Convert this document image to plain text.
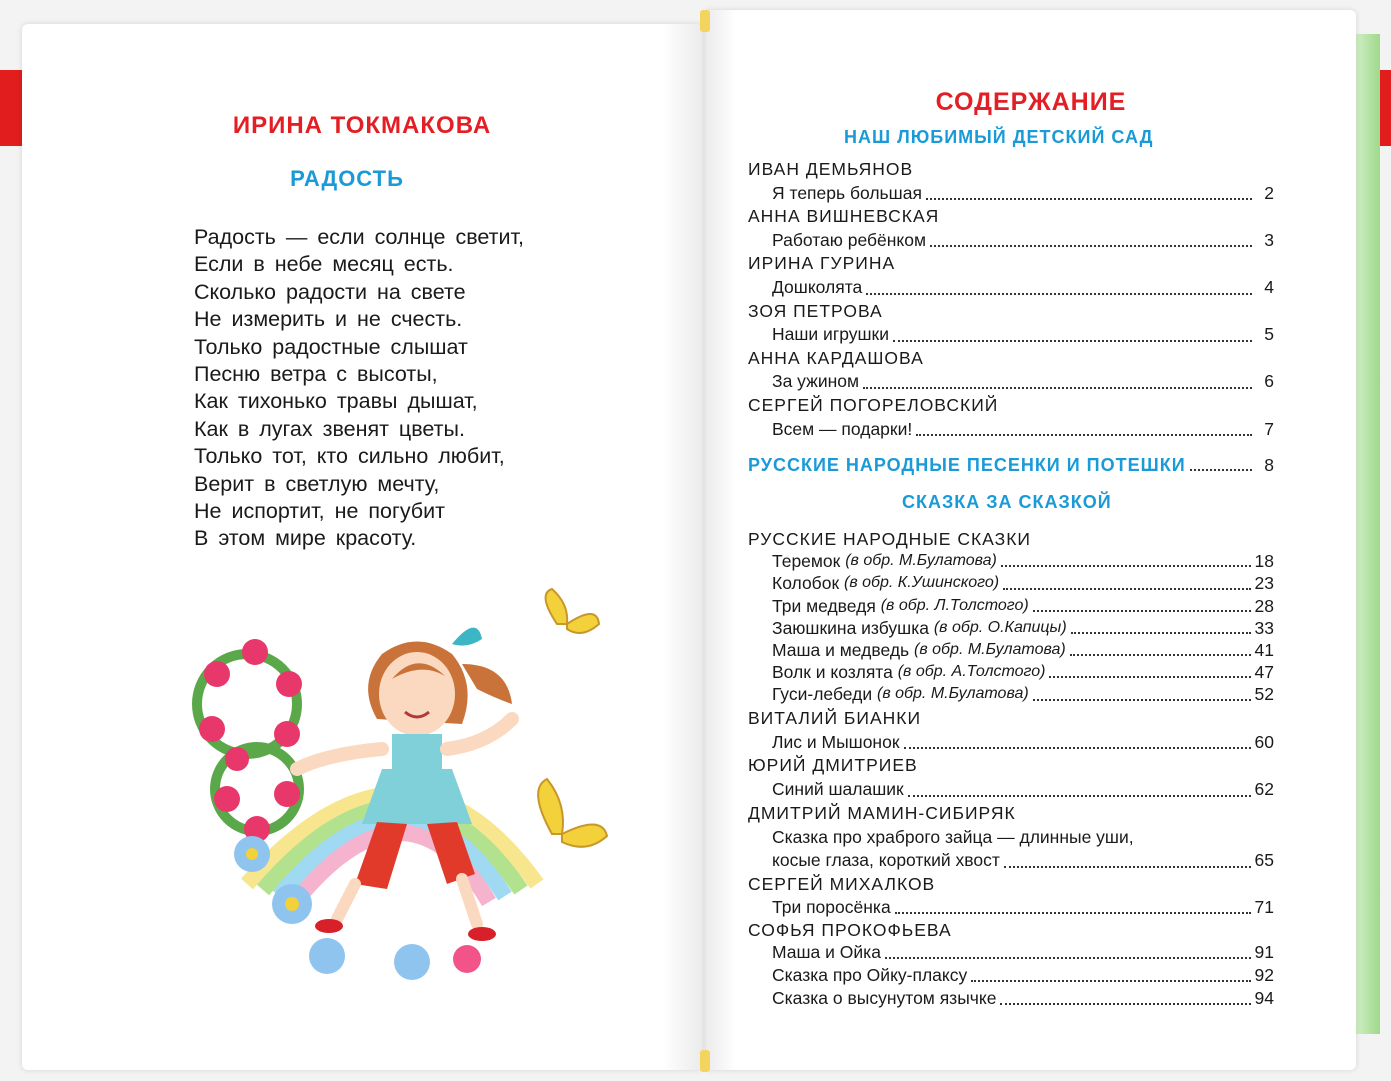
ИРИНА ТОКМАКОВА
РАДОСТЬ
Радость — если солнце светит,
Если в небе месяц есть.
Сколько радости на свете
Не измерить и не счесть.
Только радостные слышат
Песню ветра с высоты,
Как тихонько травы дышат,
Как в лугах звенят цветы.
Только тот, кто сильно любит,
Верит в светлую мечту,
Не испортит, не погубит
В этом мире красоту.
СОДЕРЖАНИЕ
НАШ ЛЮБИМЫЙ ДЕТСКИЙ САД
ИВАН ДЕМЬЯНОВ
Я теперь большая	2
АННА ВИШНЕВСКАЯ
Работаю ребёнком	3
ИРИНА ГУРИНА
Дошколята	4
ЗОЯ ПЕТРОВА
Наши игрушки	5
АННА КАРДАШОВА
За ужином	6
СЕРГЕЙ ПОГОРЕЛОВСКИЙ
Всем — подарки!	7
РУССКИЕ НАРОДНЫЕ ПЕСЕНКИ И ПОТЕШКИ	8
СКАЗКА ЗА СКАЗКОЙ
РУССКИЕ НАРОДНЫЕ СКАЗКИ
Теремок
(в обр. М.Булатова)	18
Колобок
(в обр. К.Ушинского)	23
Три медведя
(в обр. Л.Толстого)	28
Заюшкина избушка
(в обр. О.Капицы)	33
Маша и медведь
(в обр. М.Булатова)	41
Волк и козлята
(в обр. А.Толстого)	47
Гуси-лебеди
(в обр. М.Булатова)	52
ВИТАЛИЙ БИАНКИ
Лис и Мышонок	60
ЮРИЙ ДМИТРИЕВ
Синий шалашик	62
ДМИТРИЙ МАМИН-СИБИРЯК
Сказка про храброго зайца — длинные уши,
косые глаза, короткий хвост	65
СЕРГЕЙ МИХАЛКОВ
Три поросёнка	71
СОФЬЯ ПРОКОФЬЕВА
Маша и Ойка	91
Сказка про Ойку-плаксу	92
Сказка о высунутом язычке	94
